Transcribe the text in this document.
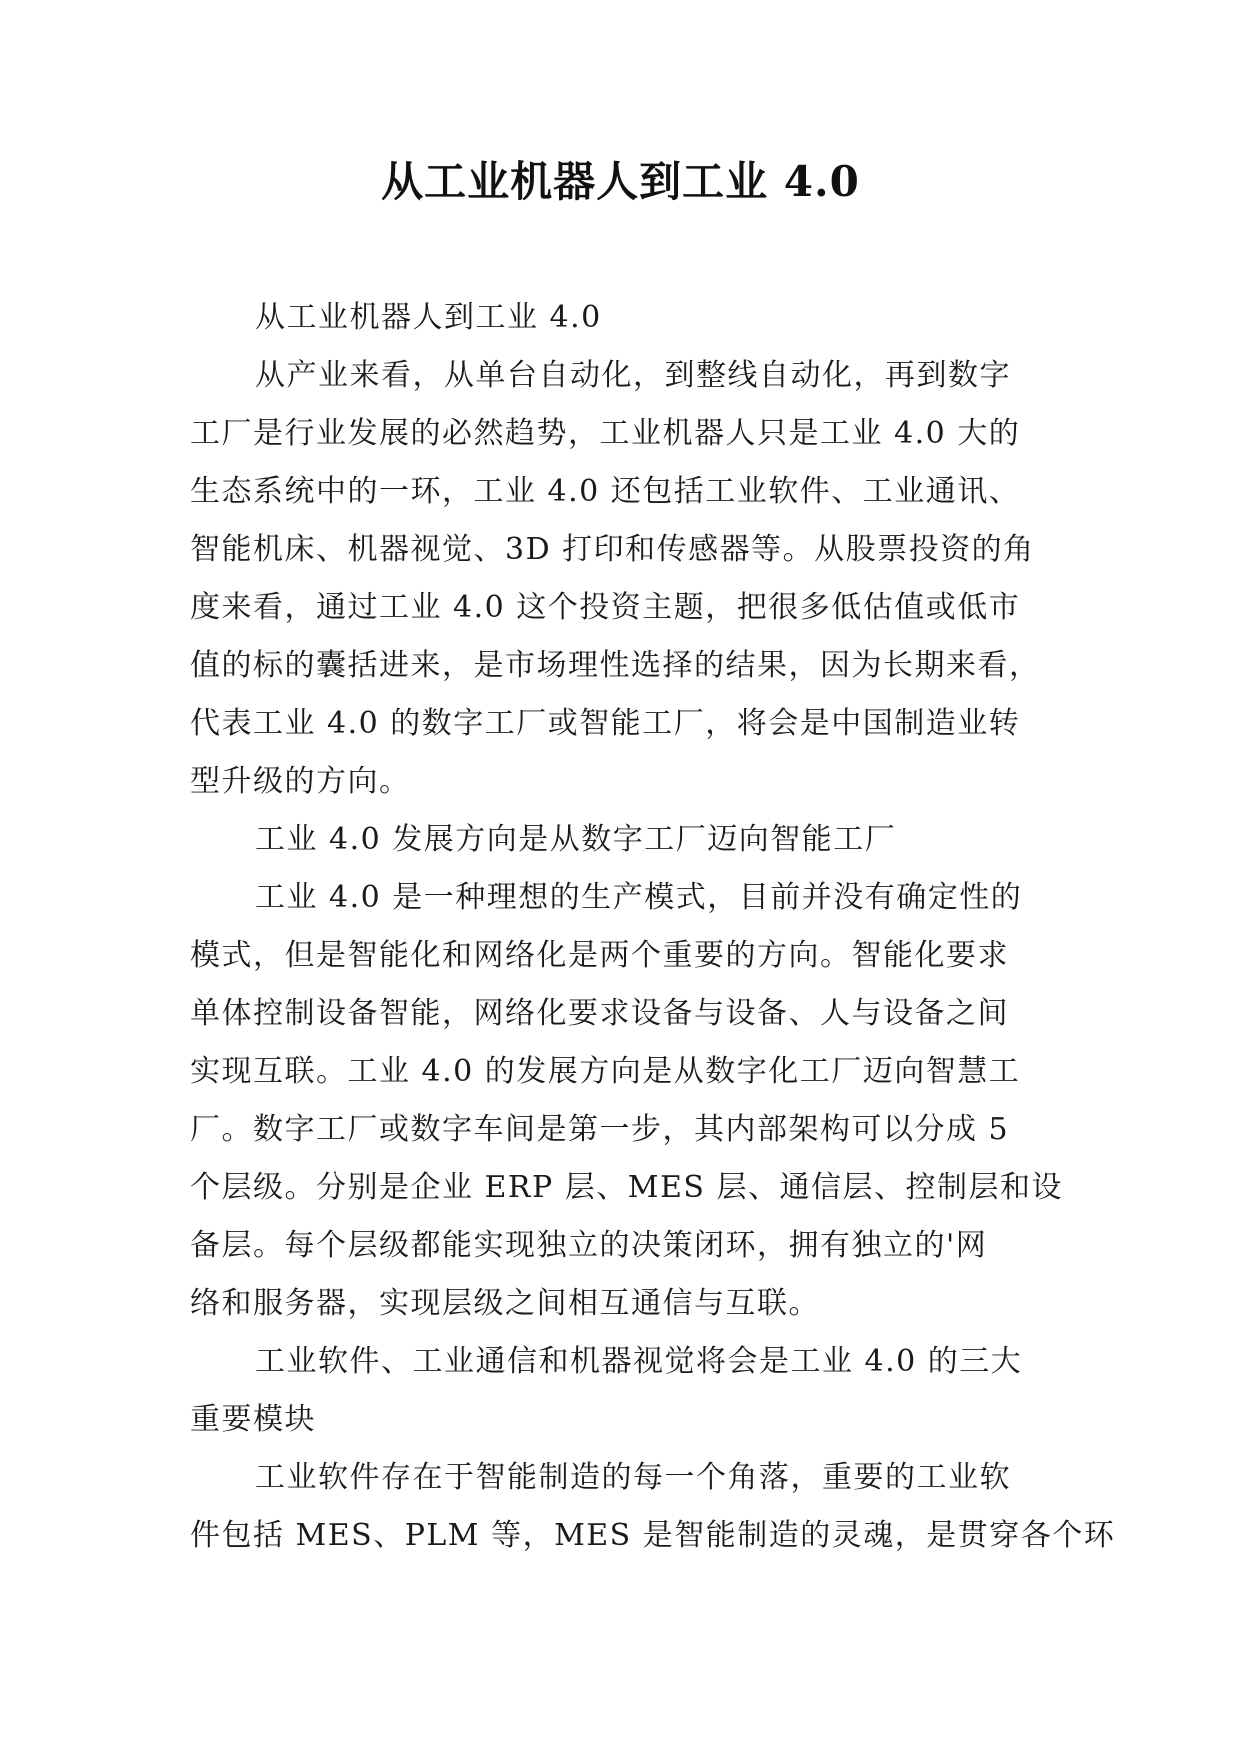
从工业机器人到工业 4.0
从工业机器人到工业 4.0
从产业来看，从单台自动化，到整线自动化，再到数字
工厂是行业发展的必然趋势，工业机器人只是工业 4.0 大的
生态系统中的一环，工业 4.0 还包括工业软件、工业通讯、
智能机床、机器视觉、3D 打印和传感器等。从股票投资的角
度来看，通过工业 4.0 这个投资主题，把很多低估值或低市
值的标的囊括进来，是市场理性选择的结果，因为长期来看，
代表工业 4.0 的数字工厂或智能工厂，将会是中国制造业转
型升级的方向。
工业 4.0 发展方向是从数字工厂迈向智能工厂
工业 4.0 是一种理想的生产模式，目前并没有确定性的
模式，但是智能化和网络化是两个重要的方向。智能化要求
单体控制设备智能，网络化要求设备与设备、人与设备之间
实现互联。工业 4.0 的发展方向是从数字化工厂迈向智慧工
厂。数字工厂或数字车间是第一步，其内部架构可以分成 5
个层级。分别是企业 ERP 层、MES 层、通信层、控制层和设
备层。每个层级都能实现独立的决策闭环，拥有独立的'网
络和服务器，实现层级之间相互通信与互联。
工业软件、工业通信和机器视觉将会是工业 4.0 的三大
重要模块
工业软件存在于智能制造的每一个角落，重要的工业软
件包括 MES、PLM 等，MES 是智能制造的灵魂，是贯穿各个环
